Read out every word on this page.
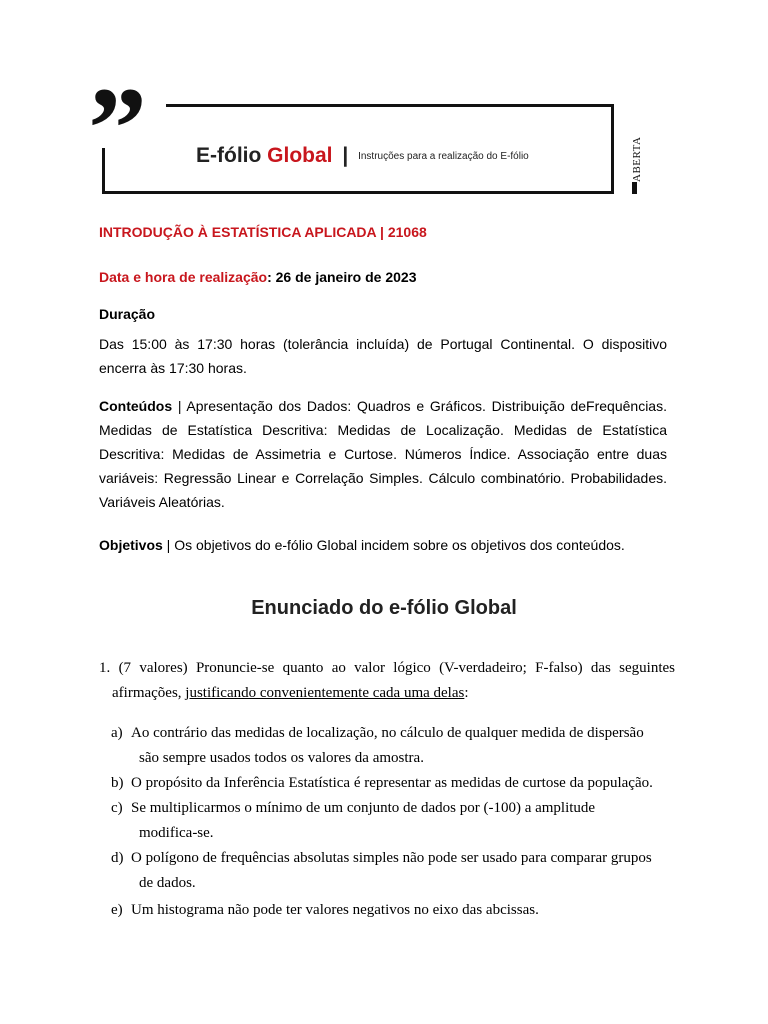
”	E-fólio Global | $^{Instruções para a realização do E-fólio}$	ABERTA
INTRODUÇÃO À ESTATÍSTICA APLICADA | 21068
Data e hora de realização: 26 de janeiro de 2023
Duração
Das 15:00 às 17:30 horas (tolerância incluída) de Portugal Continental. O dispositivo encerra às 17:30 horas.
Conteúdos | Apresentação dos Dados: Quadros e Gráficos. Distribuição deFrequências. Medidas de Estatística Descritiva: Medidas de Localização. Medidas de Estatística Descritiva: Medidas de Assimetria e Curtose. Números Índice. Associação entre duas variáveis: Regressão Linear e Correlação Simples. Cálculo combinatório. Probabilidades. Variáveis Aleatórias.
Objetivos | Os objetivos do e-fólio Global incidem sobre os objetivos dos conteúdos.
Enunciado do e-fólio Global
1. (7 valores) Pronuncie-se quanto ao valor lógico (V-verdadeiro; F-falso) das seguintes
afirmações, justificando convenientemente cada uma delas:
a) Ao contrário das medidas de localização, no cálculo de qualquer medida de dispersão
são sempre usados todos os valores da amostra.
b) O propósito da Inferência Estatística é representar as medidas de curtose da população.
c) Se multiplicarmos o mínimo de um conjunto de dados por (-100) a amplitude
modifica-se.
d) O polígono de frequências absolutas simples não pode ser usado para comparar grupos
de dados.
e) Um histograma não pode ter valores negativos no eixo das abcissas.
